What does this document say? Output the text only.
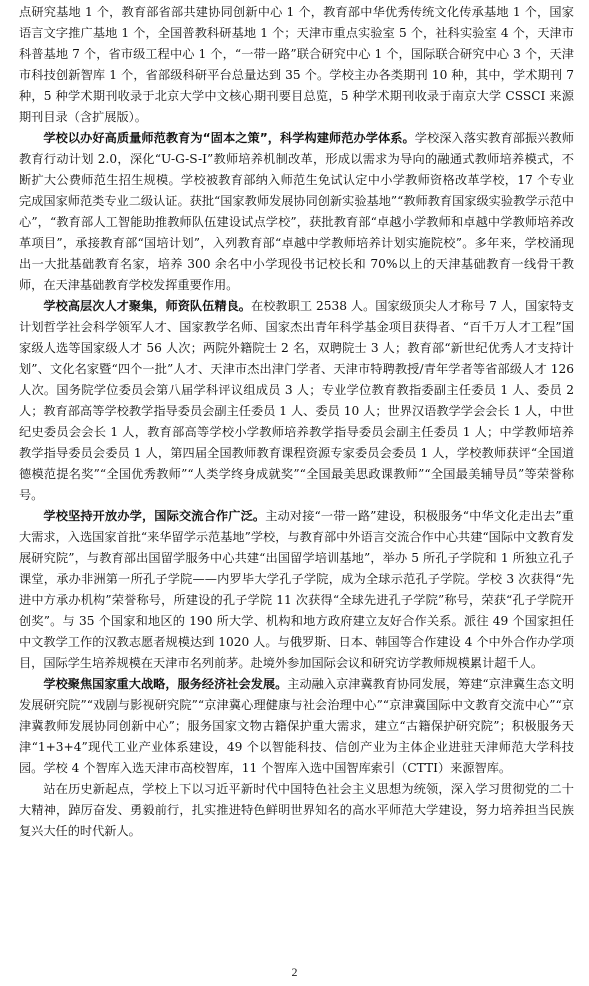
点研究基地 1 个，教育部省部共建协同创新中心 1 个，教育部中华优秀传统文化传承基地 1 个，国家语言文字推广基地 1 个，全国普教科研基地 1 个；天津市重点实验室 5 个，社科实验室 4 个，天津市科普基地 7 个，省市级工程中心 1 个，“一带一路”联合研究中心 1 个，国际联合研究中心 3 个，天津市科技创新智库 1 个，省部级科研平台总量达到 35 个。学校主办各类期刊 10 种，其中，学术期刊 7 种，5 种学术期刊收录于北京大学中文核心期刊要目总览，5 种学术期刊收录于南京大学 CSSCI 来源期刊目录（含扩展版）。

学校以办好高质量师范教育为“固本之策”，科学构建师范办学体系。学校深入落实教育部振兴教师教育行动计划 2.0，深化“U-G-S-I”教师培养机制改革，形成以需求为导向的融通式教师培养模式，不断扩大公费师范生招生规模。学校被教育部纳入师范生免试认定中小学教师资格改革学校，17 个专业完成国家师范类专业二级认证。获批“国家教师发展协同创新实验基地”“教师教育国家级实验教学示范中心”，“教育部人工智能助推教师队伍建设试点学校”，获批教育部“卓越小学教师和卓越中学教师培养改革项目”，承接教育部“国培计划”，入列教育部“卓越中学教师培养计划实施院校”。多年来，学校涌现出一大批基础教育名家，培养 300 余名中小学现役书记校长和 70%以上的天津基础教育一线骨干教师，在天津基础教育学校发挥重要作用。

学校高层次人才聚集，师资队伍精良。在校教职工 2538 人。国家级顶尖人才称号 7 人，国家特支计划哲学社会科学领军人才、国家教学名师、国家杰出青年科学基金项目获得者、“百千万人才工程”国家级人选等国家级人才 56 人次；两院外籍院士 2 名，双聘院士 3 人；教育部“新世纪优秀人才支持计划”、文化名家暨“四个一批”人才、天津市杰出津门学者、天津市特聘教授/青年学者等省部级人才 126 人次。国务院学位委员会第八届学科评议组成员 3 人；专业学位教育教指委副主任委员 1 人、委员 2 人；教育部高等学校教学指导委员会副主任委员 1 人、委员 10 人；世界汉语教学学会会长 1 人，中世纪史委员会会长 1 人，教育部高等学校小学教师培养教学指导委员会副主任委员 1 人；中学教师培养教学指导委员会委员 1 人，第四届全国教师教育课程资源专家委员会委员 1 人，学校教师获评“全国道德模范提名奖”“全国优秀教师”“人类学终身成就奖”“全国最美思政课教师”“全国最美辅导员”等荣誉称号。

学校坚持开放办学，国际交流合作广泛。主动对接“一带一路”建设，积极服务“中华文化走出去”重大需求，入选国家首批“来华留学示范基地”学校，与教育部中外语言交流合作中心共建“国际中文教育发展研究院”，与教育部出国留学服务中心共建“出国留学培训基地”，举办 5 所孔子学院和 1 所独立孔子课堂，承办非洲第一所孔子学院——内罗毕大学孔子学院，成为全球示范孔子学院。学校 3 次获得“先进中方承办机构”荣誉称号，所建设的孔子学院 11 次获得“全球先进孔子学院”称号，荣获“孔子学院开创奖”。与 35 个国家和地区的 190 所大学、机构和地方政府建立友好合作关系。派往 49 个国家担任中文教学工作的汉教志愿者规模达到 1020 人。与俄罗斯、日本、韩国等合作建设 4 个中外合作办学项目，国际学生培养规模在天津市名列前茅。赴境外参加国际会议和研究访学教师规模累计超千人。

学校聚焦国家重大战略，服务经济社会发展。主动融入京津冀教育协同发展，筹建“京津冀生态文明发展研究院”“戏剧与影视研究院”“京津冀心理健康与社会治理中心”“京津冀国际中文教育交流中心”“京津冀教师发展协同创新中心”；服务国家文物古籍保护重大需求，建立“古籍保护研究院”；积极服务天津“1+3+4”现代工业产业体系建设，49 个以智能科技、信创产业为主体企业进驻天津师范大学科技园。学校 4 个智库入选天津市高校智库，11 个智库入选中国智库索引（CTTI）来源智库。

站在历史新起点，学校上下以习近平新时代中国特色社会主义思想为统领，深入学习贯彻党的二十大精神，踔厉奋发、勇毅前行，扎实推进特色鲜明世界知名的高水平师范大学建设，努力培养担当民族复兴大任的时代新人。

2
